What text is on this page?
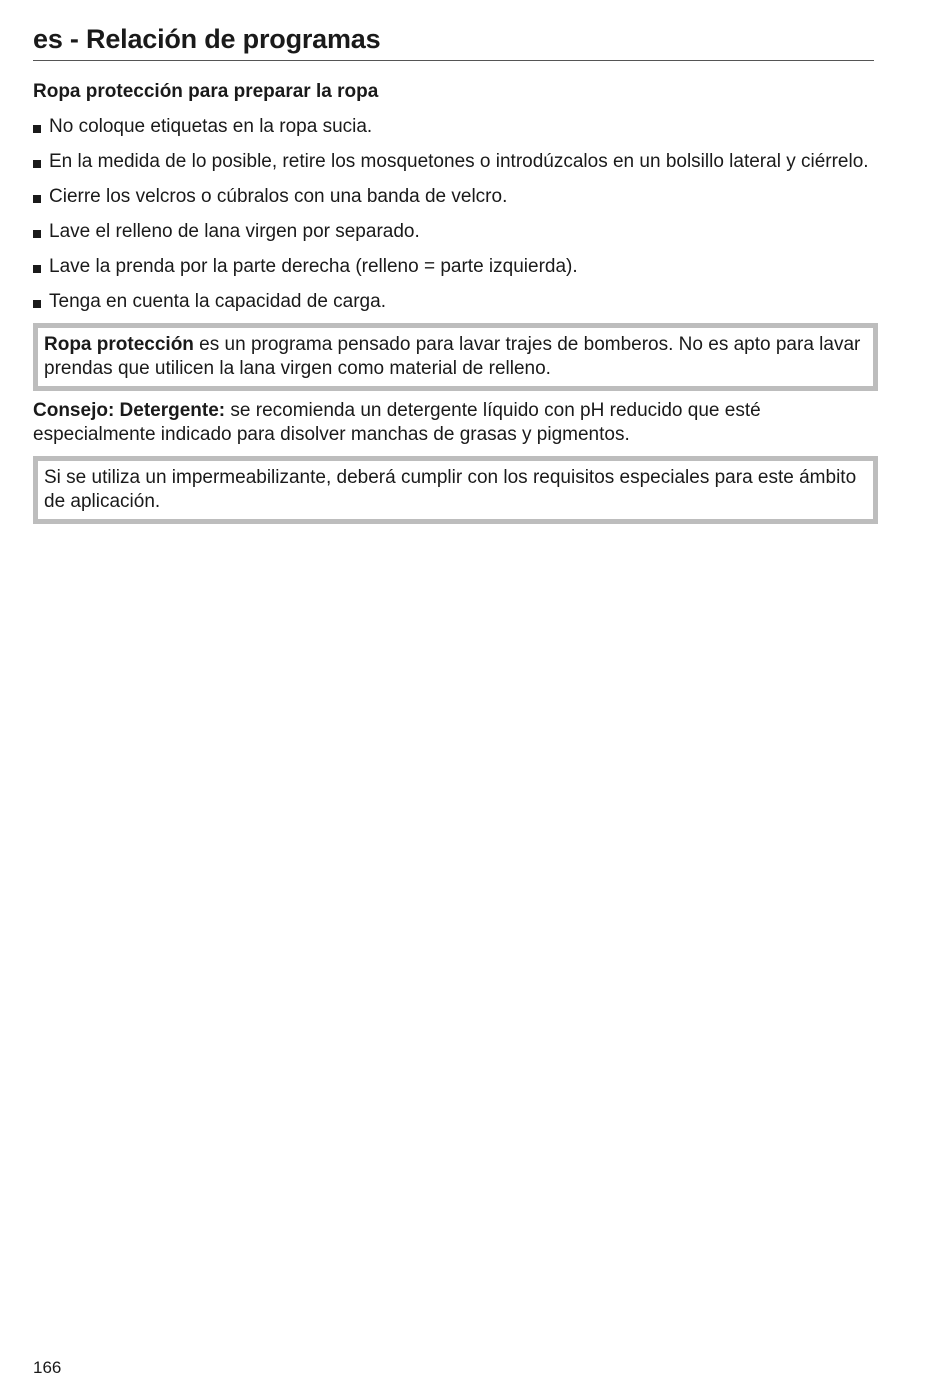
es - Relación de programas
Ropa protección para preparar la ropa
No coloque etiquetas en la ropa sucia.
En la medida de lo posible, retire los mosquetones o introdúzcalos en un bolsillo lateral y ciérrelo.
Cierre los velcros o cúbralos con una banda de velcro.
Lave el relleno de lana virgen por separado.
Lave la prenda por la parte derecha (relleno = parte izquierda).
Tenga en cuenta la capacidad de carga.
Ropa protección es un programa pensado para lavar trajes de bomberos. No es apto para lavar prendas que utilicen la lana virgen como material de relleno.

Consejo: Detergente: se recomienda un detergente líquido con pH reducido que esté especialmente indicado para disolver manchas de grasas y pigmentos.

Si se utiliza un impermeabilizante, deberá cumplir con los requisitos especiales para este ámbito de aplicación.
166
